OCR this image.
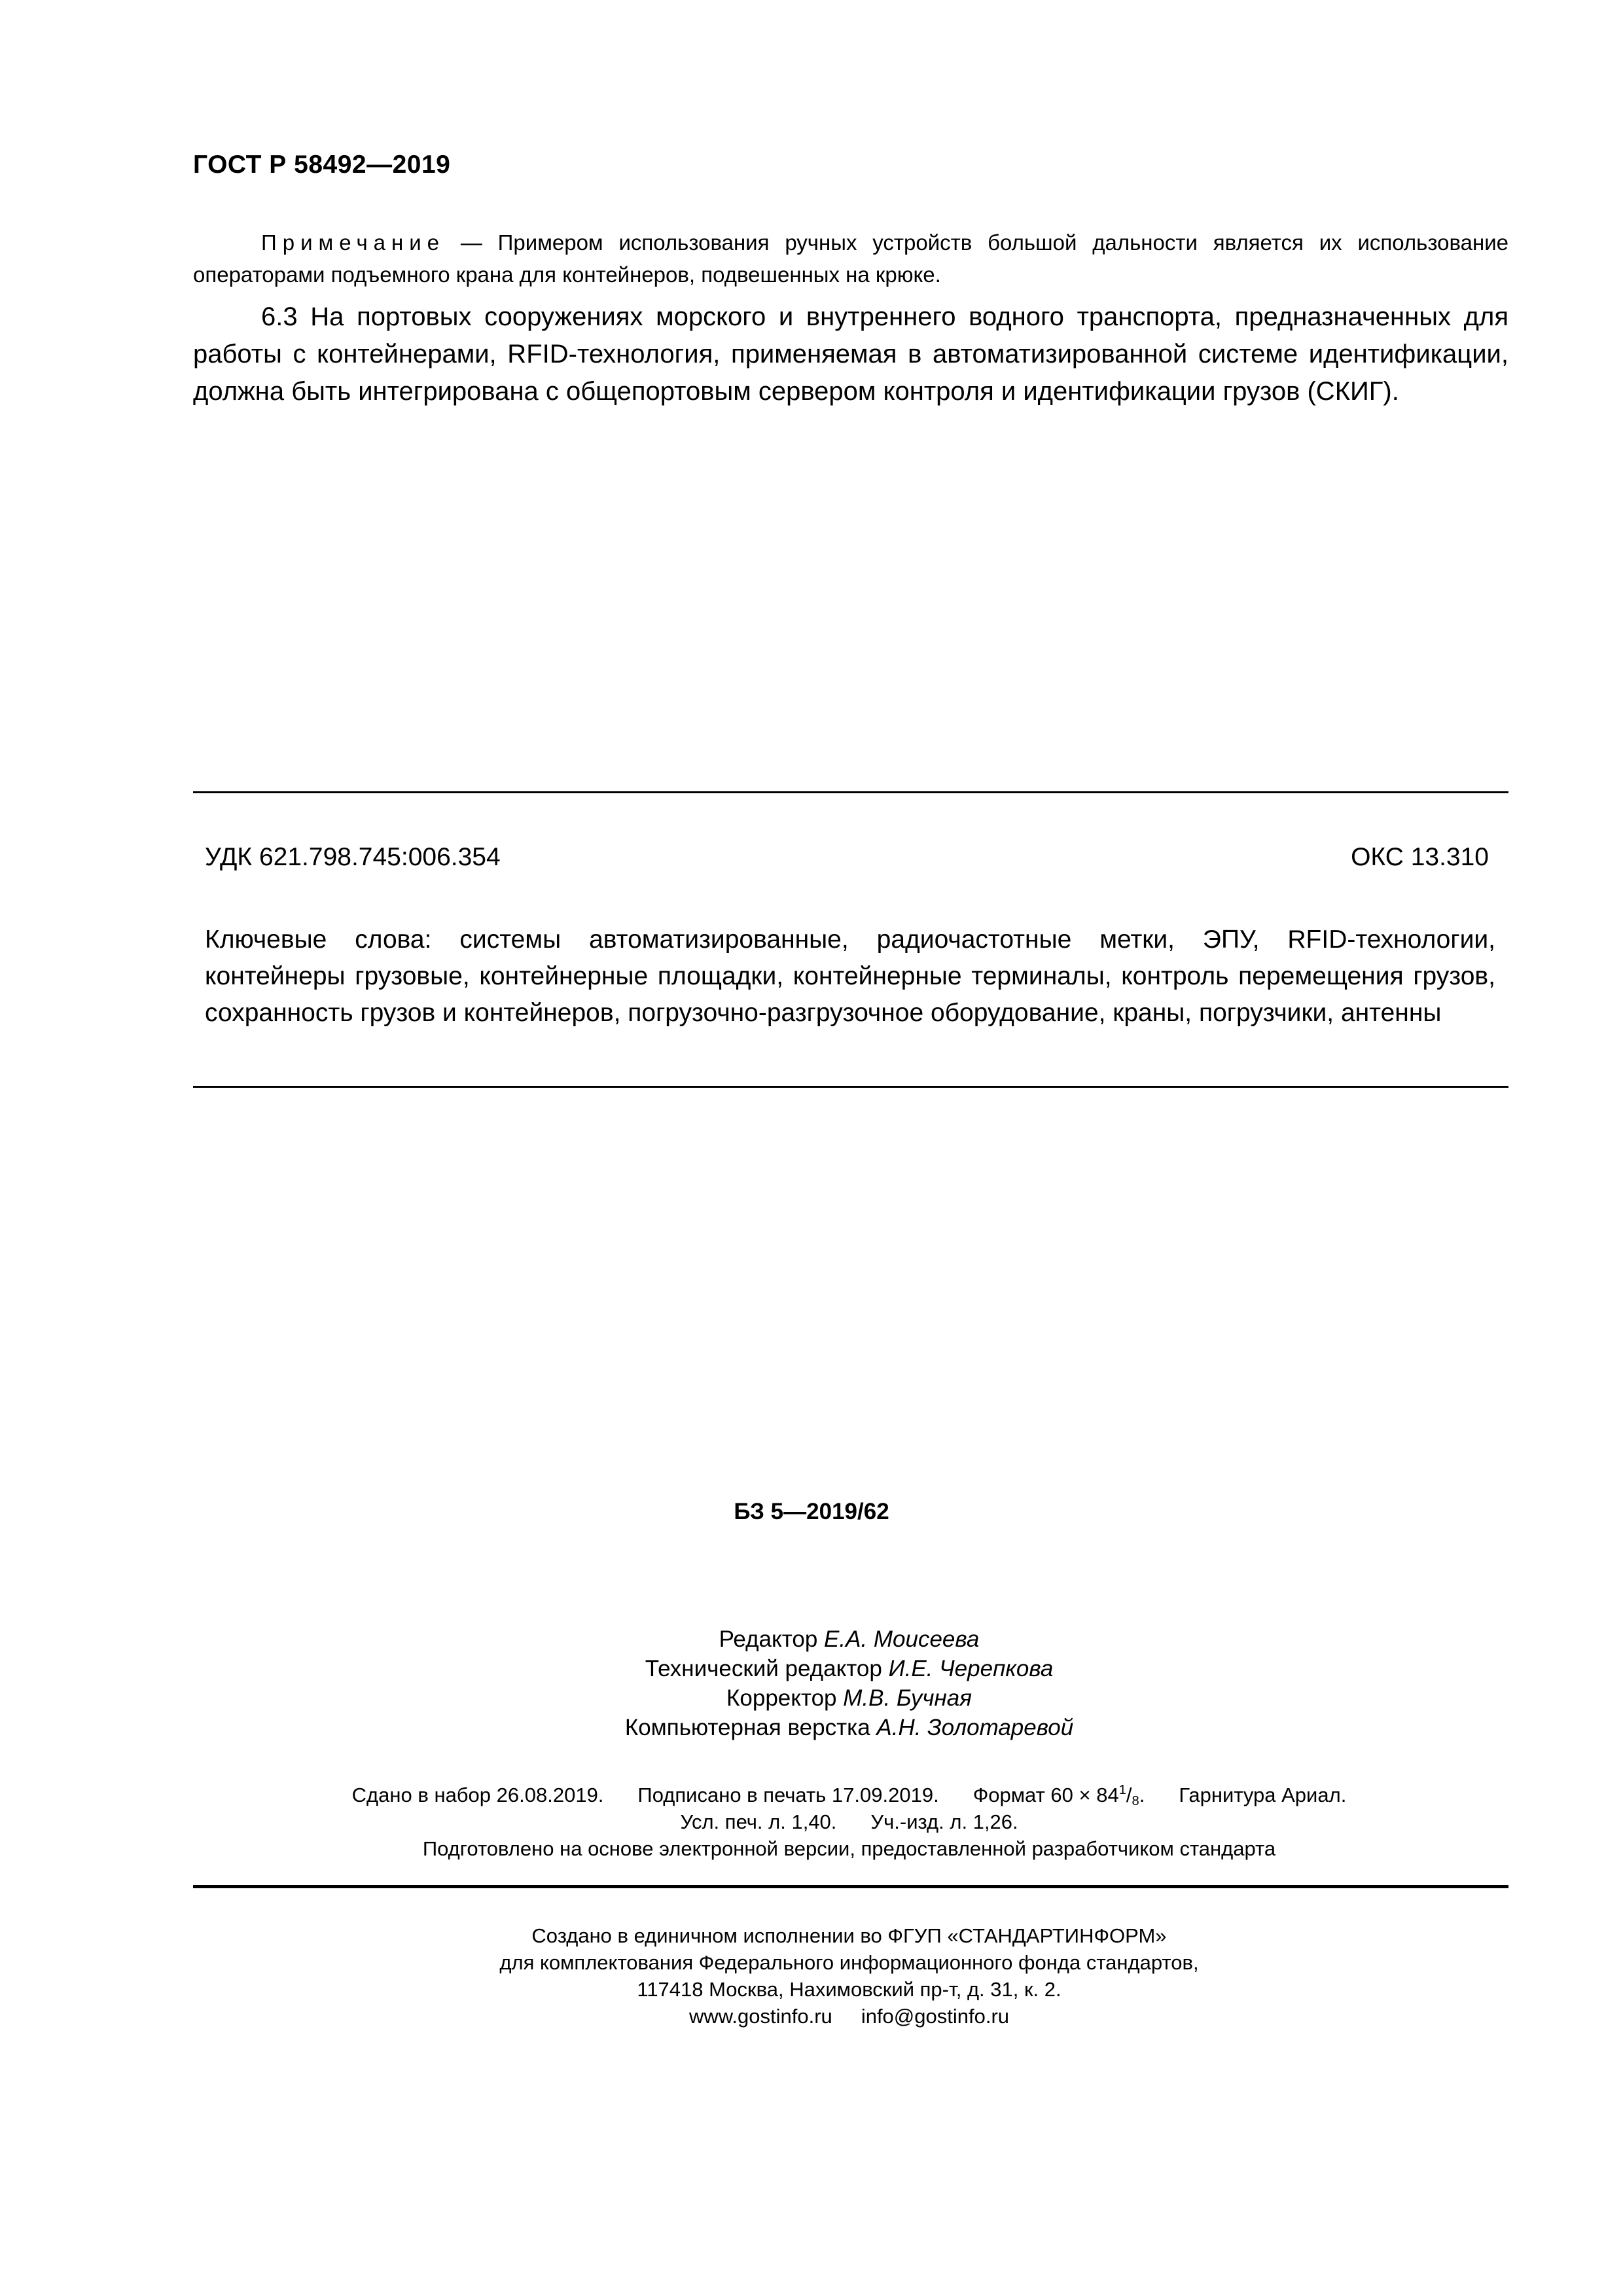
ГОСТ Р 58492—2019
Примечание — Примером использования ручных устройств большой дальности является их использование операторами подъемного крана для контейнеров, подвешенных на крюке.
6.3 На портовых сооружениях морского и внутреннего водного транспорта, предназначенных для работы с контейнерами, RFID-технология, применяемая в автоматизированной системе идентификации, должна быть интегрирована с общепортовым сервером контроля и идентификации грузов (СКИГ).
УДК 621.798.745:006.354	ОКС 13.310
Ключевые слова: системы автоматизированные, радиочастотные метки, ЭПУ, RFID-технологии, контейнеры грузовые, контейнерные площадки, контейнерные терминалы, контроль перемещения грузов, сохранность грузов и контейнеров, погрузочно-разгрузочное оборудование, краны, погрузчики, антенны
БЗ 5—2019/62
Редактор Е.А. Моисеева
Технический редактор И.Е. Черепкова
Корректор М.В. Бучная
Компьютерная верстка А.Н. Золотаревой
Сдано в набор 26.08.2019. Подписано в печать 17.09.2019. Формат $60 \times 84^1/_8$. Гарнитура Ариал.
Усл. печ. л. 1,40. Уч.-изд. л. 1,26.
Подготовлено на основе электронной версии, предоставленной разработчиком стандарта
Создано в единичном исполнении во ФГУП «СТАНДАРТИНФОРМ»
для комплектования Федерального информационного фонда стандартов,
117418 Москва, Нахимовский пр-т, д. 31, к. 2.
www.gostinfo.ru info@gostinfo.ru
